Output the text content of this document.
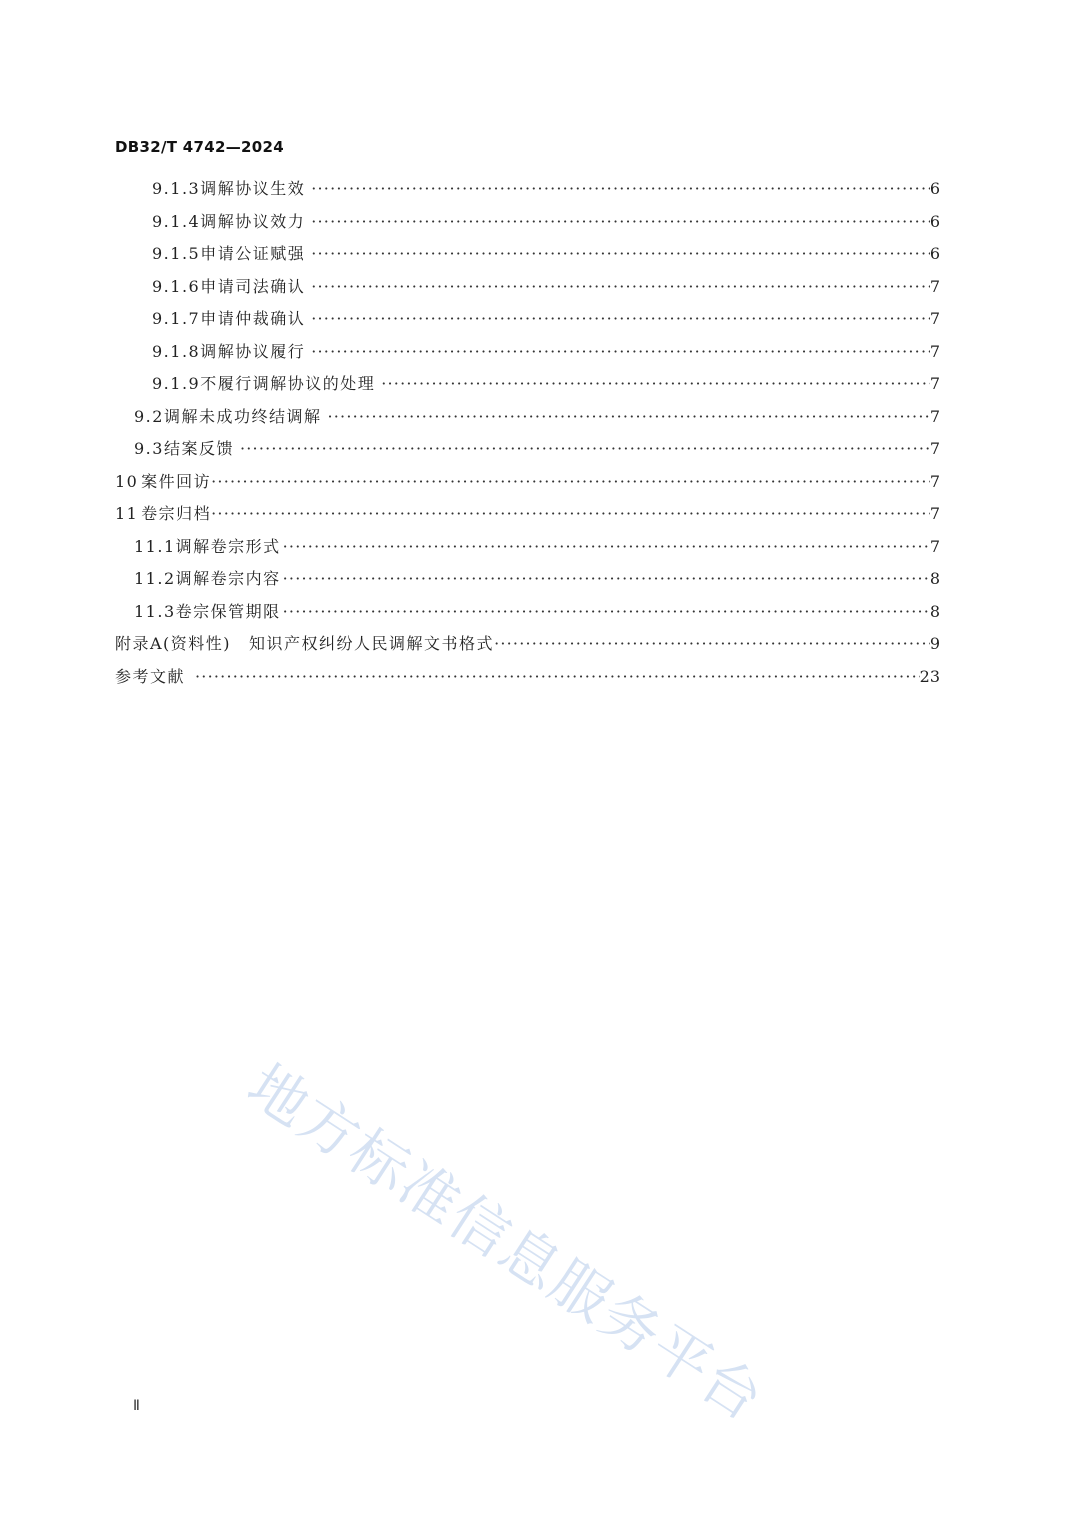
DB32/T 4742—2024
9.1.3 调解协议生效 ·····	6
9.1.4 调解协议效力 ·····	6
9.1.5 申请公证赋强 ·····	6
9.1.6 申请司法确认 ·····	7
9.1.7 申请仲裁确认 ·····	7
9.1.8 调解协议履行 ·····	7
9.1.9 不履行调解协议的处理 ·····	7
9.2 调解未成功终结调解 ·····	7
9.3 结案反馈 ·····	7
10 案件回访 ·····	7
11 卷宗归档 ·····	7
11.1 调解卷宗形式 ·····	7
11.2 调解卷宗内容 ·····	8
11.3 卷宗保管期限 ·····	8
附录A(资料性)	知识产权纠纷人民调解文书格式 ·····	9
参考文献 ·····	23
地方标准信息服务平台
Ⅱ
